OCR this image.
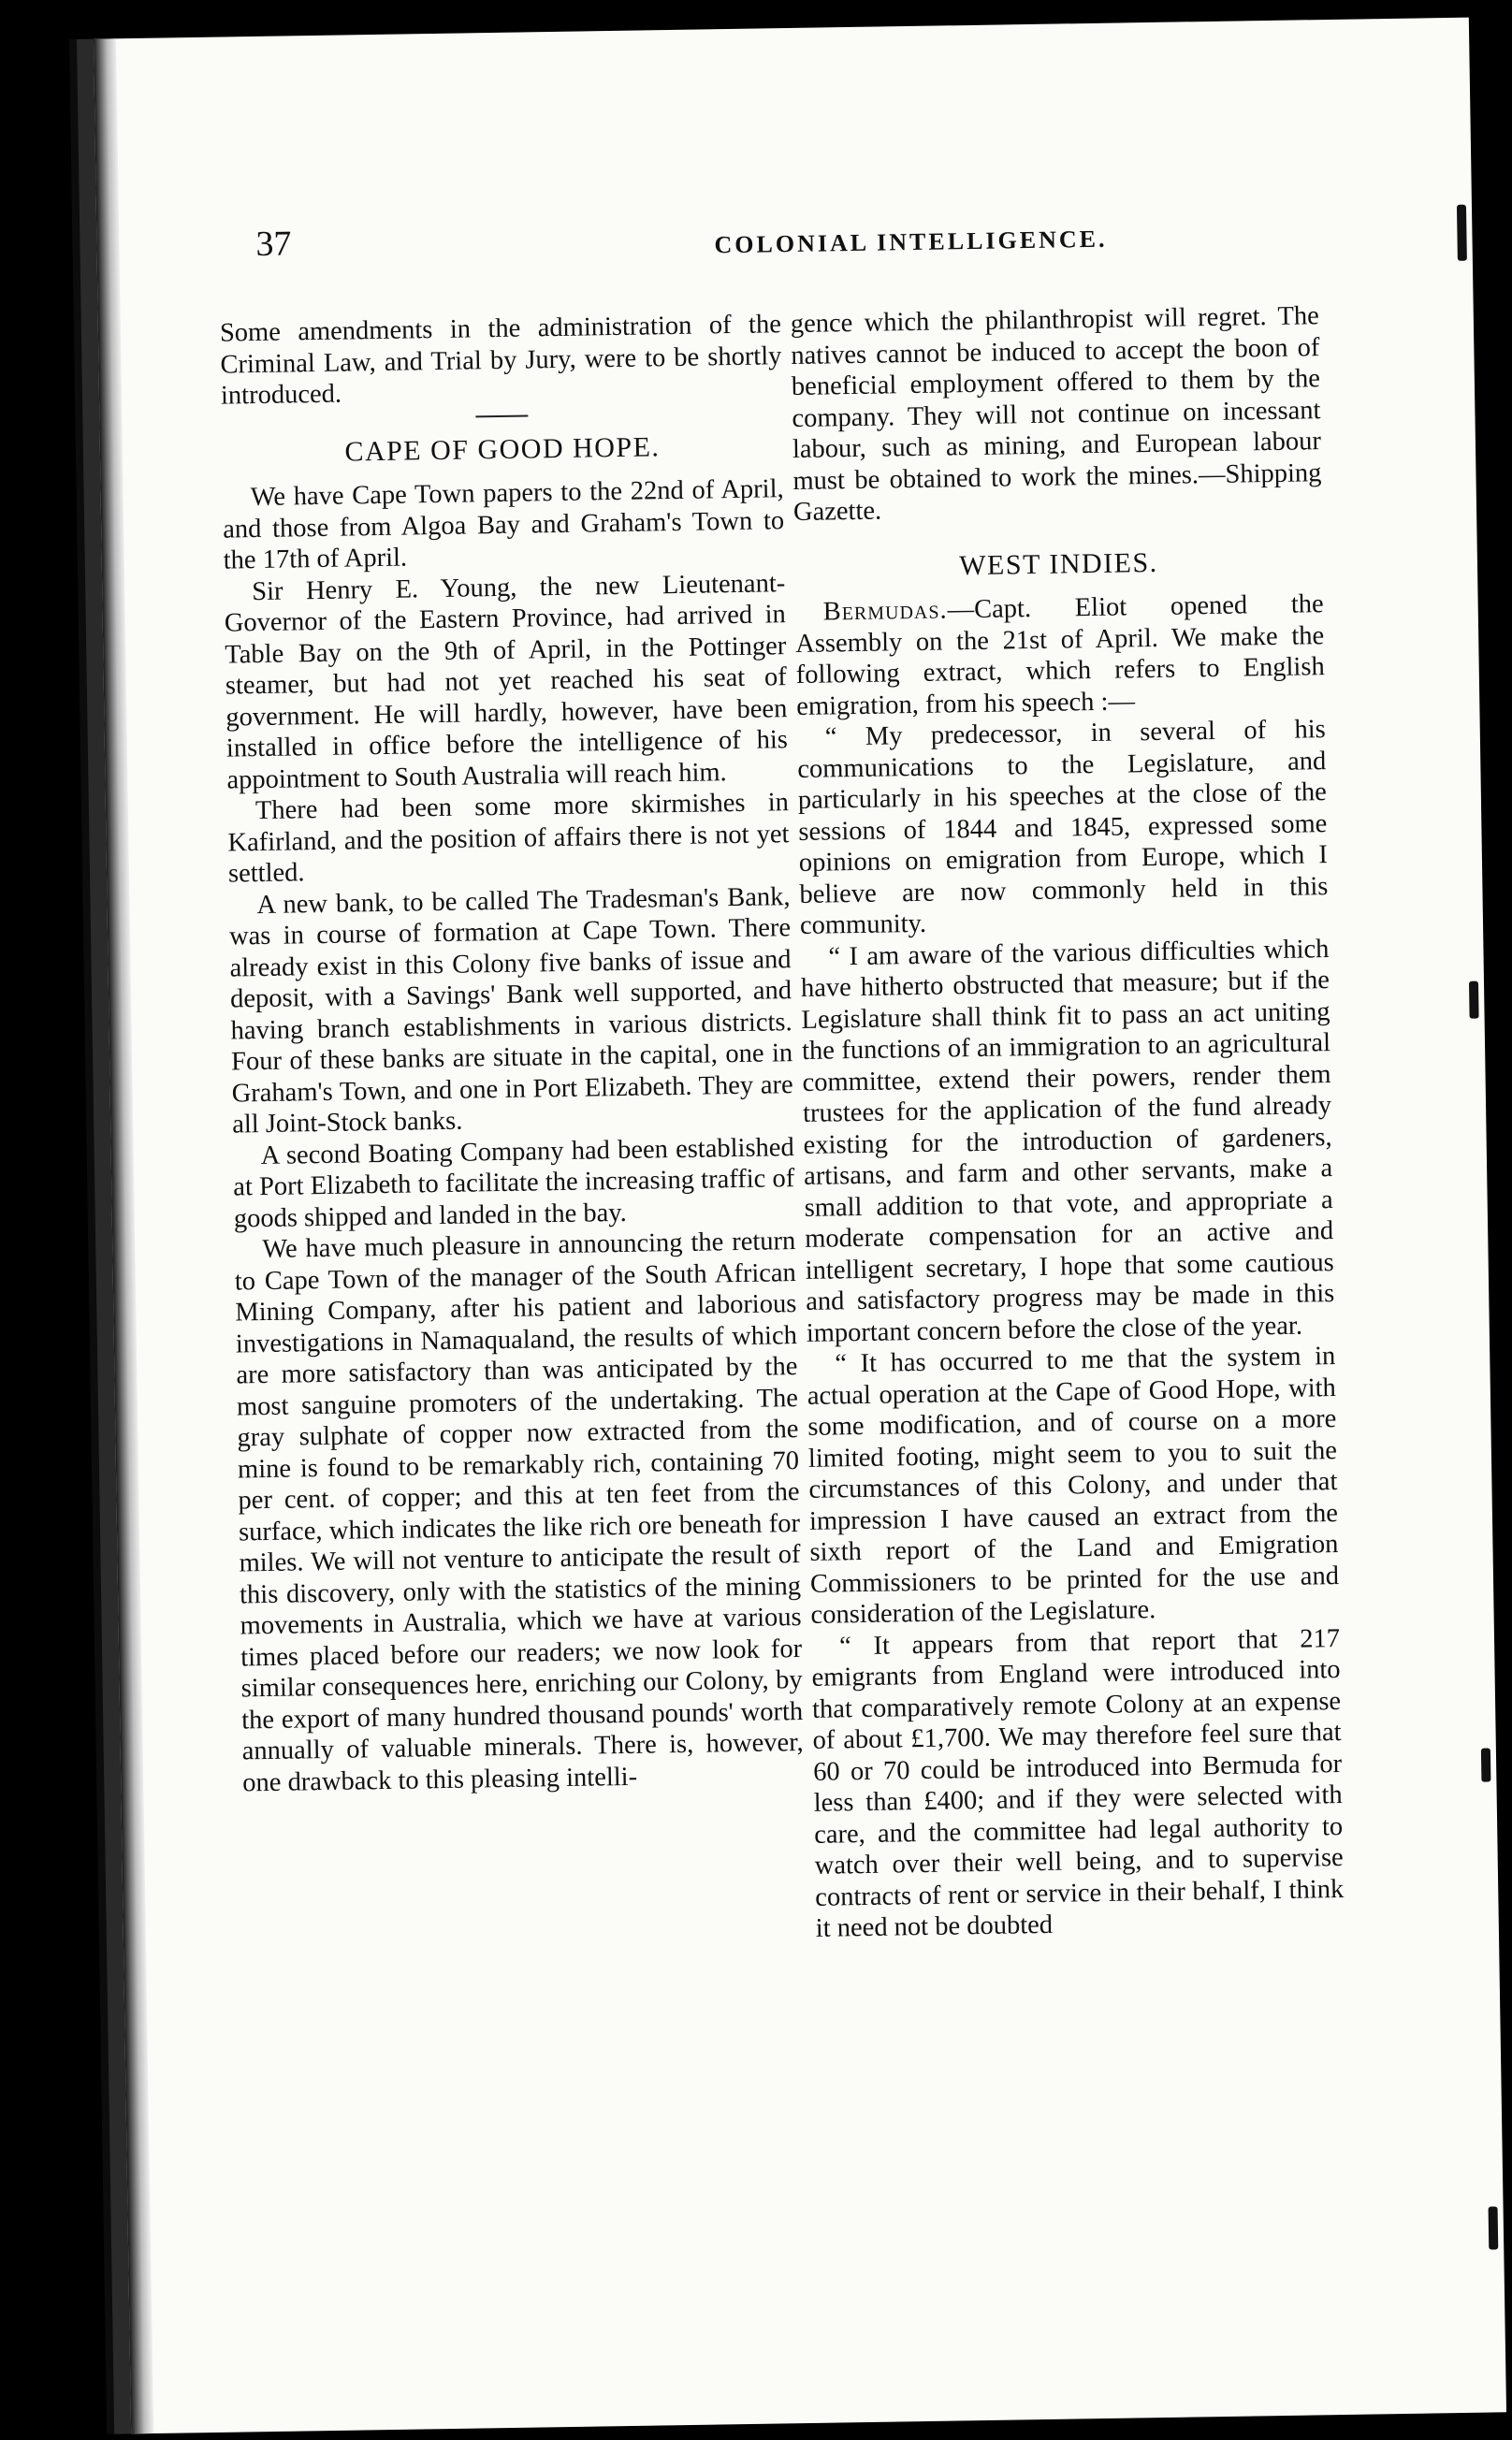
37	COLONIAL INTELLIGENCE.

Some amendments in the administration of the Criminal Law, and Trial by Jury, were to be shortly introduced.

CAPE OF GOOD HOPE.

We have Cape Town papers to the 22nd of April, and those from Algoa Bay and Graham's Town to the 17th of April.

Sir Henry E. Young, the new Lieutenant-Governor of the Eastern Province, had arrived in Table Bay on the 9th of April, in the Pottinger steamer, but had not yet reached his seat of government. He will hardly, however, have been installed in office before the intelligence of his appointment to South Australia will reach him.

There had been some more skirmishes in Kafirland, and the position of affairs there is not yet settled.

A new bank, to be called The Tradesman's Bank, was in course of formation at Cape Town. There already exist in this Colony five banks of issue and deposit, with a Savings' Bank well supported, and having branch establishments in various districts. Four of these banks are situate in the capital, one in Graham's Town, and one in Port Elizabeth. They are all Joint-Stock banks.

A second Boating Company had been established at Port Elizabeth to facilitate the increasing traffic of goods shipped and landed in the bay.

We have much pleasure in announcing the return to Cape Town of the manager of the South African Mining Company, after his patient and laborious investigations in Namaqualand, the results of which are more satisfactory than was anticipated by the most sanguine promoters of the undertaking. The gray sulphate of copper now extracted from the mine is found to be remarkably rich, containing 70 per cent. of copper; and this at ten feet from the surface, which indicates the like rich ore beneath for miles. We will not venture to anticipate the result of this discovery, only with the statistics of the mining movements in Australia, which we have at various times placed before our readers; we now look for similar consequences here, enriching our Colony, by the export of many hundred thousand pounds' worth annually of valuable minerals. There is, however, one drawback to this pleasing intelli-

gence which the philanthropist will regret. The natives cannot be induced to accept the boon of beneficial employment offered to them by the company. They will not continue on incessant labour, such as mining, and European labour must be obtained to work the mines.—Shipping Gazette.

WEST INDIES.

Bermudas.—Capt. Eliot opened the Assembly on the 21st of April. We make the following extract, which refers to English emigration, from his speech :—

“ My predecessor, in several of his communications to the Legislature, and particularly in his speeches at the close of the sessions of 1844 and 1845, expressed some opinions on emigration from Europe, which I believe are now commonly held in this community.

“ I am aware of the various difficulties which have hitherto obstructed that measure; but if the Legislature shall think fit to pass an act uniting the functions of an immigration to an agricultural committee, extend their powers, render them trustees for the application of the fund already existing for the introduction of gardeners, artisans, and farm and other servants, make a small addition to that vote, and appropriate a moderate compensation for an active and intelligent secretary, I hope that some cautious and satisfactory progress may be made in this important concern before the close of the year.

“ It has occurred to me that the system in actual operation at the Cape of Good Hope, with some modification, and of course on a more limited footing, might seem to you to suit the circumstances of this Colony, and under that impression I have caused an extract from the sixth report of the Land and Emigration Commissioners to be printed for the use and consideration of the Legislature.

“ It appears from that report that 217 emigrants from England were introduced into that comparatively remote Colony at an expense of about £1,700. We may therefore feel sure that 60 or 70 could be introduced into Bermuda for less than £400; and if they were selected with care, and the committee had legal authority to watch over their well being, and to supervise contracts of rent or service in their behalf, I think it need not be doubted
